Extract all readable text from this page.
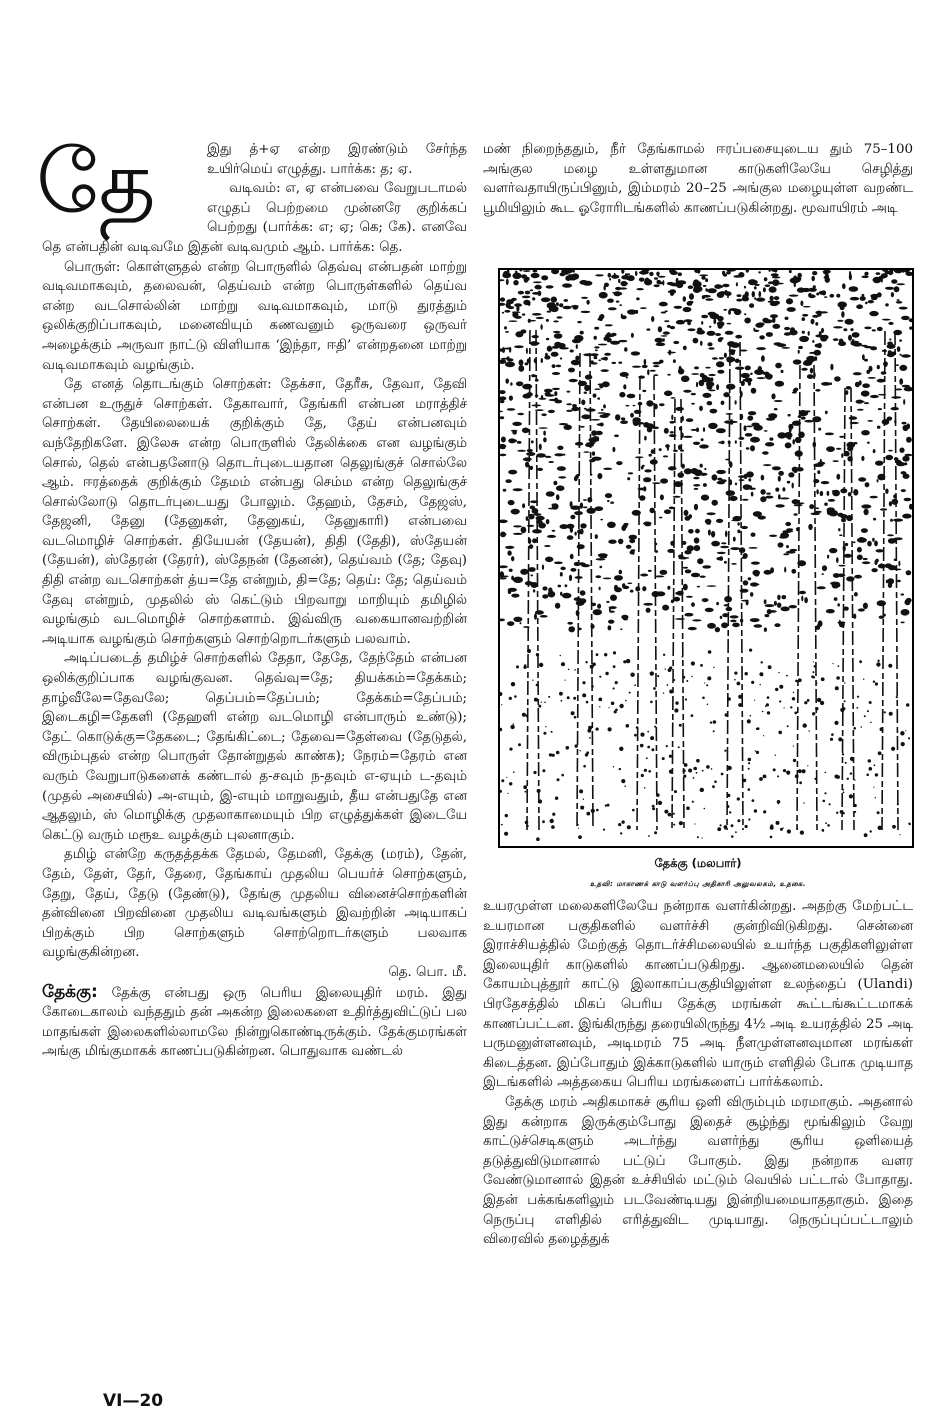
தே	இது த்+ஏ என்ற இரண்டும் சேர்ந்த உயிர்மெய் எழுத்து. பார்க்க: த; ஏ.

வடிவம்: எ, ஏ என்பவை வேறுபடாமல் எழுதப் பெற்றமை முன்னரே குறிக்கப் பெற்றது (பார்க்க: எ; ஏ; கெ; கே). எனவே தெ என்பதின் வடிவமே இதன் வடிவமும் ஆம். பார்க்க: தெ.

பொருள்: கொள்ளுதல் என்ற பொருளில் தெவ்வு என்பதன் மாற்று வடிவமாகவும், தலைவன், தெய்வம் என்ற பொருள்களில் தெய்வ என்ற வடசொல்லின் மாற்று வடிவமாகவும், மாடு துரத்தும் ஒலிக்குறிப்பாகவும், மனைவியும் கணவனும் ஒருவரை ஒருவர் அழைக்கும் அருவா நாட்டு விளியாக ‘இந்தா, ஈதி’ என்றதனை மாற்று வடிவமாகவும் வழங்கும்.

தே எனத் தொடங்கும் சொற்கள்: தேக்சா, தேரீசு, தேவா, தேவி என்பன உருதுச் சொற்கள். தேகாவார், தேங்கரி என்பன மராத்திச் சொற்கள். தேயிலையைக் குறிக்கும் தே, தேய் என்பனவும் வந்தேறிகளே. இலேசு என்ற பொருளில் தேலிக்கை என வழங்கும் சொல், தெல் என்பதனோடு தொடர்புடையதான தெலுங்குச் சொல்லே ஆம். ஈரத்தைக் குறிக்கும் தேமம் என்பது செம்ம என்ற தெலுங்குச் சொல்லோடு தொடர்புடையது போலும். தேஹம், தேசம், தேஜஸ், தேஜனி, தேனு (தேனுகள், தேனுகய், தேனுகாரி) என்பவை வடமொழிச் சொற்கள். தியேயன் (தேயன்), திதி (தேதி), ஸ்தேயன் (தேயன்), ஸ்தேரன் (தேரர்), ஸ்தேநன் (தேனன்), தெய்வம் (தே; தேவு) திதி என்ற வடசொற்கள் த்ய=தே என்றும், தி=தே; தெய்: தே; தெய்வம் தேவு என்றும், முதலில் ஸ் கெட்டும் பிறவாறு மாறியும் தமிழில் வழங்கும் வடமொழிச் சொற்களாம். இவ்விரு வகையானவற்றின் அடியாக வழங்கும் சொற்களும் சொற்றொடர்களும் பலவாம்.

அடிப்படைத் தமிழ்ச் சொற்களில் தேதா, தேதே, தேந்தேம் என்பன ஒலிக்குறிப்பாக வழங்குவன. தெவ்வு=தே; தியக்கம்=தேக்கம்; தாழ்வீலே=தேவலே; தெப்பம்=தேப்பம்; தேக்கம்=தேப்பம்; இடைகழி=தேகளி (தேஹளி என்ற வடமொழி என்பாரும் உண்டு); தேட் கொடுக்கு=தேகடை; தேங்கிட்டை; தேவை=தேள்வை (தேடுதல், விரும்புதல் என்ற பொருள் தோன்றுதல் காண்க); நேரம்=தேரம் என வரும் வேறுபாடுகளைக் கண்டால் த-சவும் ந-தவும் எ-ஏயும் ட-தவும் (முதல் அசையில்) அ-எயும், இ-எயும் மாறுவதும், தீய என்பதுதே என ஆதலும், ஸ் மொழிக்கு முதலாகாமையும் பிற எழுத்துக்கள் இடையே கெட்டு வரும் மரூஉ வழக்கும் புலனாகும்.

தமிழ் என்றே கருதத்தக்க தேமல், தேமனி, தேக்கு (மரம்), தேன், தேம், தேள், தேர், தேரை, தேங்காய் முதலிய பெயர்ச் சொற்களும், தேறு, தேய், தேடு (தேண்டு), தேங்கு முதலிய வினைச்சொற்களின் தன்வினை பிறவினை முதலிய வடிவங்களும் இவற்றின் அடியாகப் பிறக்கும் பிற சொற்களும் சொற்றொடர்களும் பலவாக வழங்குகின்றன.

தெ. பொ. மீ.

தேக்கு: தேக்கு என்பது ஒரு பெரிய இலையுதிர் மரம். இது கோடைகாலம் வந்ததும் தன் அகன்ற இலைகளை உதிர்த்துவிட்டுப் பல மாதங்கள் இலைகளில்லாமலே நின்றுகொண்டிருக்கும். தேக்குமரங்கள் அங்கு மிங்குமாகக் காணப்படுகின்றன. பொதுவாக வண்டல்

மண் நிறைந்ததும், நீர் தேங்காமல் ஈரப்பசையுடைய தும் 75–100 அங்குல மழை உள்ளதுமான காடுகளிலேயே செழித்து வளர்வதாயிருப்பினும், இம்மரம் 20–25 அங்குல மழையுள்ள வறண்ட பூமியிலும் கூட ஓரோரிடங்களில் காணப்படுகின்றது. மூவாயிரம் அடி

தேக்கு (மலபார்)
உதவி: மாகாணக் காடு வளர்ப்பு அதிகாரி அலுவலகம், உதகை.

உயரமுள்ள மலைகளிலேயே நன்றாக வளர்கின்றது. அதற்கு மேற்பட்ட உயரமான பகுதிகளில் வளர்ச்சி குன்றிவிடுகிறது. சென்னை இராச்சியத்தில் மேற்குத் தொடர்ச்சிமலையில் உயர்ந்த பகுதிகளிலுள்ள இலையுதிர் காடுகளில் காணப்படுகிறது. ஆனைமலையில் தென் கோயம்புத்தூர் காட்டு இலாகாப்பகுதியிலுள்ள உலந்தைப் (Ulandi) பிரதேசத்தில் மிகப் பெரிய தேக்கு மரங்கள் கூட்டங்கூட்டமாகக் காணப்பட்டன. இங்கிருந்து தரையிலிருந்து 4½ அடி உயரத்தில் 25 அடி பருமனுள்ளனவும், அடிமரம் 75 அடி நீளமுள்ளனவுமான மரங்கள் கிடைத்தன. இப்போதும் இக்காடுகளில் யாரும் எளிதில் போக முடியாத இடங்களில் அத்தகைய பெரிய மரங்களைப் பார்க்கலாம்.

தேக்கு மரம் அதிகமாகச் சூரிய ஒளி விரும்பும் மரமாகும். அதனால் இது கன்றாக இருக்கும்போது இதைச் சூழ்ந்து மூங்கிலும் வேறு காட்டுச்செடிகளும் அடர்ந்து வளர்ந்து சூரிய ஒளியைத் தடுத்துவிடுமானால் பட்டுப் போகும். இது நன்றாக வளர வேண்டுமானால் இதன் உச்சியில் மட்டும் வெயில் பட்டால் போதாது. இதன் பக்கங்களிலும் படவேண்டியது இன்றியமையாததாகும். இதை நெருப்பு எளிதில் எரித்துவிட முடியாது. நெருப்புப்பட்டாலும் விரைவில் தழைத்துக்

VI—20
